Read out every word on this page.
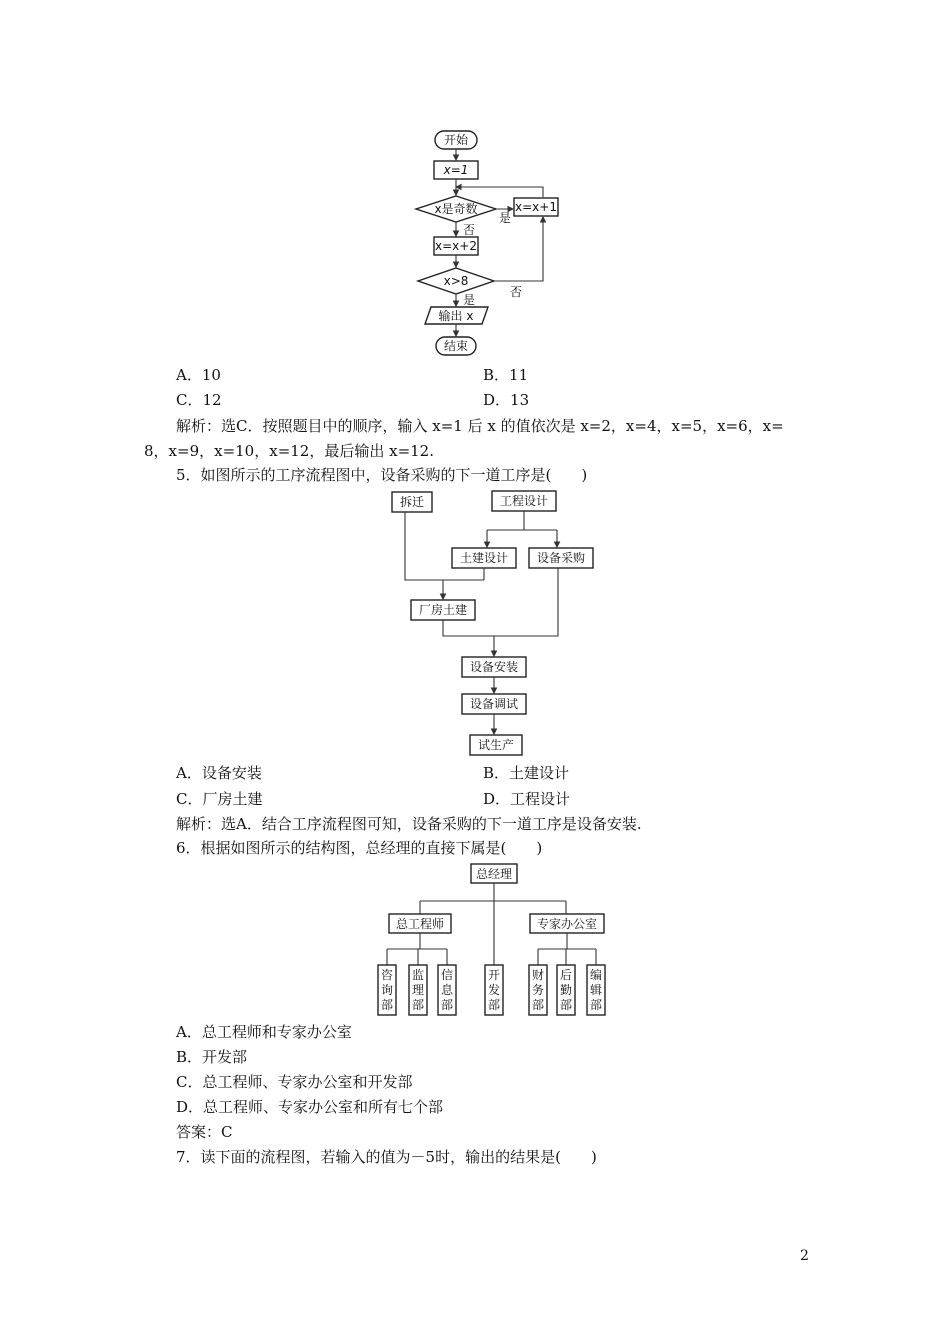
开始
x=1
x是奇数
是
x=x+1
否
x=x+2
x>8
否
是
输出 x
结束
拆迁	工程设计
土建设计 设备采购
厂房土建
设备安装
设备调试
试生产
总经理
总工程师	专家办公室
咨询部
监理部
信息部
开发部
财务部
后勤部
编辑部
A．10	B．11
C．12	D．13
解析：选C．按照题目中的顺序，输入 x=1 后 x 的值依次是 x=2，x=4，x=5，x=6，x=
8，x=9，x=10，x=12，最后输出 x=12.
5．如图所示的工序流程图中，设备采购的下一道工序是(　　)
A．设备安装	B．土建设计
C．厂房土建	D．工程设计
解析：选A．结合工序流程图可知，设备采购的下一道工序是设备安装.
6．根据如图所示的结构图，总经理的直接下属是(　　)
A．总工程师和专家办公室
B．开发部
C．总工程师、专家办公室和开发部
D．总工程师、专家办公室和所有七个部
答案：C
7．读下面的流程图，若输入的值为－5时，输出的结果是(　　)
2
